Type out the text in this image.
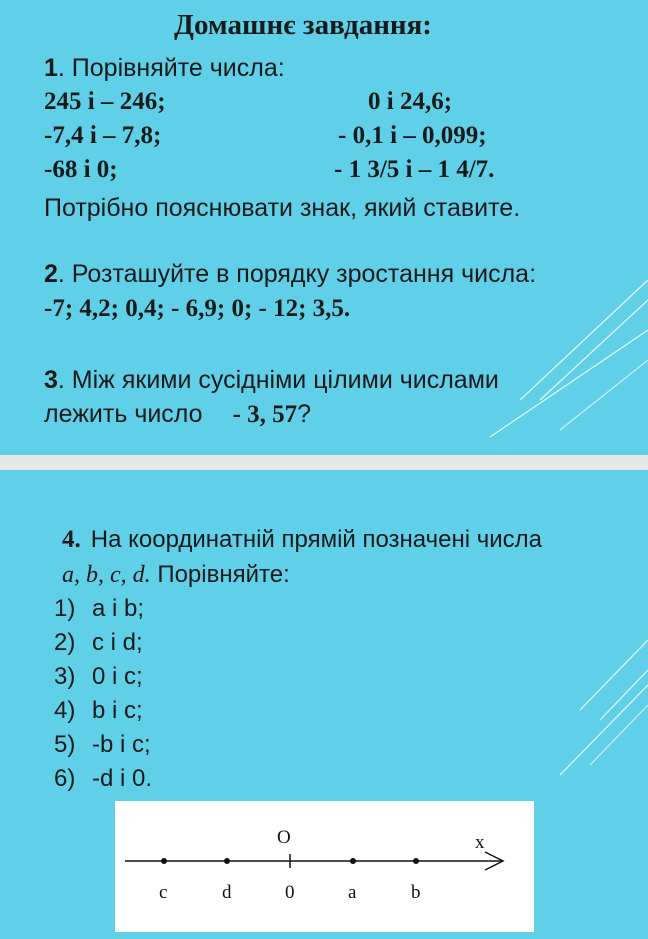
Домашнє завдання:
1. Порівняйте числа:
245 і – 246;	0 і 24,6;
-7,4 і – 7,8;	- 0,1 і – 0,099;
-68 і 0;	- 1 3/5 і – 1 4/7.
Потрібно пояснювати знак, який ставите.
2. Розташуйте в порядку зростання числа:
-7; 4,2; 0,4; - 6,9; 0; - 12; 3,5.
3. Між якими сусідніми цілими числами
лежить число - 3, 57?
4. На координатній прямій позначені числа
a, b, c, d. Порівняйте:
1) a і b;
2) c і d;
3) 0 і c;
4) b і c;
5) -b і c;
6) -d і 0.
x
O
c	d	0	a	b
